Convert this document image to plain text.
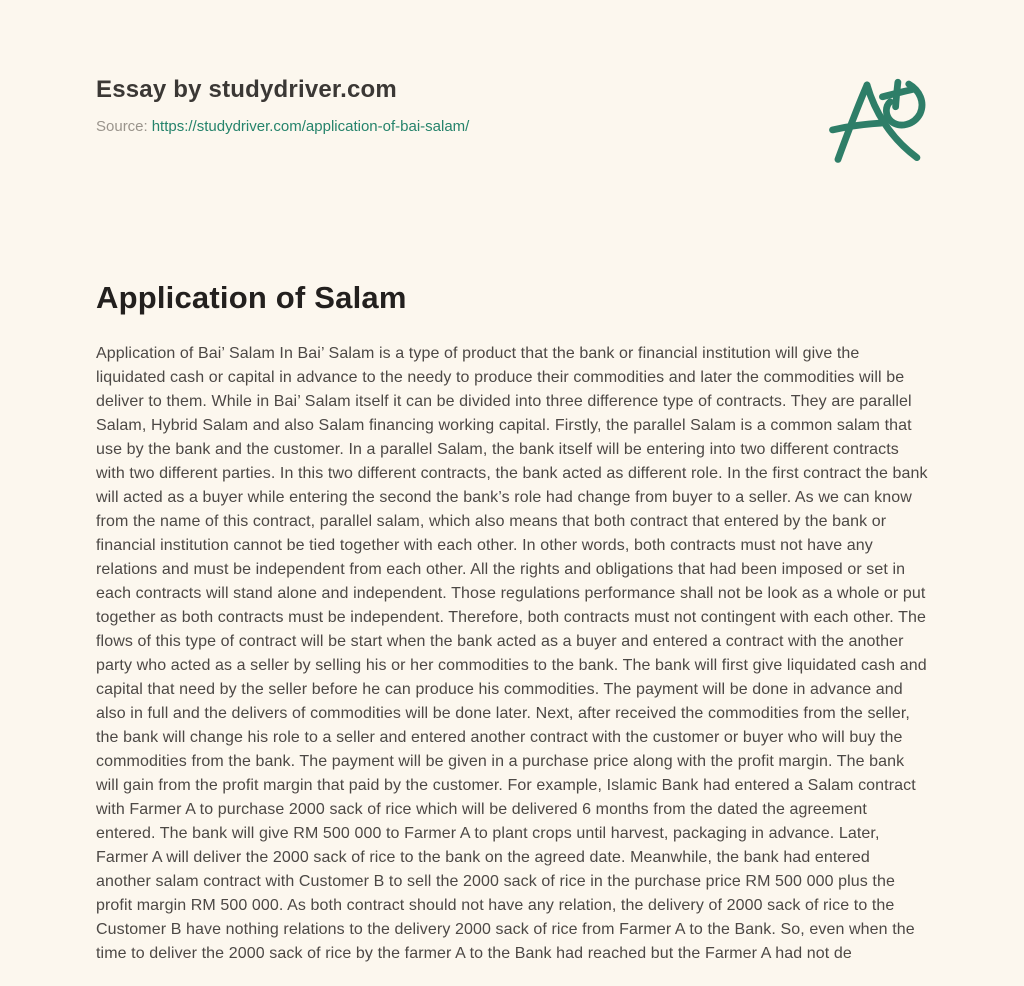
Essay by studydriver.com
Source: https://studydriver.com/application-of-bai-salam/
Application of Salam

Application of Bai’ Salam In Bai’ Salam is a type of product that the bank or financial institution will give the liquidated cash or capital in advance to the needy to produce their commodities and later the commodities will be deliver to them. While in Bai’ Salam itself it can be divided into three difference type of contracts. They are parallel Salam, Hybrid Salam and also Salam financing working capital. Firstly, the parallel Salam is a common salam that use by the bank and the customer. In a parallel Salam, the bank itself will be entering into two different contracts with two different parties. In this two different contracts, the bank acted as different role. In the first contract the bank will acted as a buyer while entering the second the bank’s role had change from buyer to a seller. As we can know from the name of this contract, parallel salam, which also means that both contract that entered by the bank or financial institution cannot be tied together with each other. In other words, both contracts must not have any relations and must be independent from each other. All the rights and obligations that had been imposed or set in each contracts will stand alone and independent. Those regulations performance shall not be look as a whole or put together as both contracts must be independent. Therefore, both contracts must not contingent with each other. The flows of this type of contract will be start when the bank acted as a buyer and entered a contract with the another party who acted as a seller by selling his or her commodities to the bank. The bank will first give liquidated cash and capital that need by the seller before he can produce his commodities. The payment will be done in advance and also in full and the delivers of commodities will be done later. Next, after received the commodities from the seller, the bank will change his role to a seller and entered another contract with the customer or buyer who will buy the commodities from the bank. The payment will be given in a purchase price along with the profit margin. The bank will gain from the profit margin that paid by the customer. For example, Islamic Bank had entered a Salam contract with Farmer A to purchase 2000 sack of rice which will be delivered 6 months from the dated the agreement entered. The bank will give RM 500 000 to Farmer A to plant crops until harvest, packaging in advance. Later, Farmer A will deliver the 2000 sack of rice to the bank on the agreed date. Meanwhile, the bank had entered another salam contract with Customer B to sell the 2000 sack of rice in the purchase price RM 500 000 plus the profit margin RM 500 000. As both contract should not have any relation, the delivery of 2000 sack of rice to the Customer B have nothing relations to the delivery 2000 sack of rice from Farmer A to the Bank. So, even when the time to deliver the 2000 sack of rice by the farmer A to the Bank had reached but the Farmer A had not de
